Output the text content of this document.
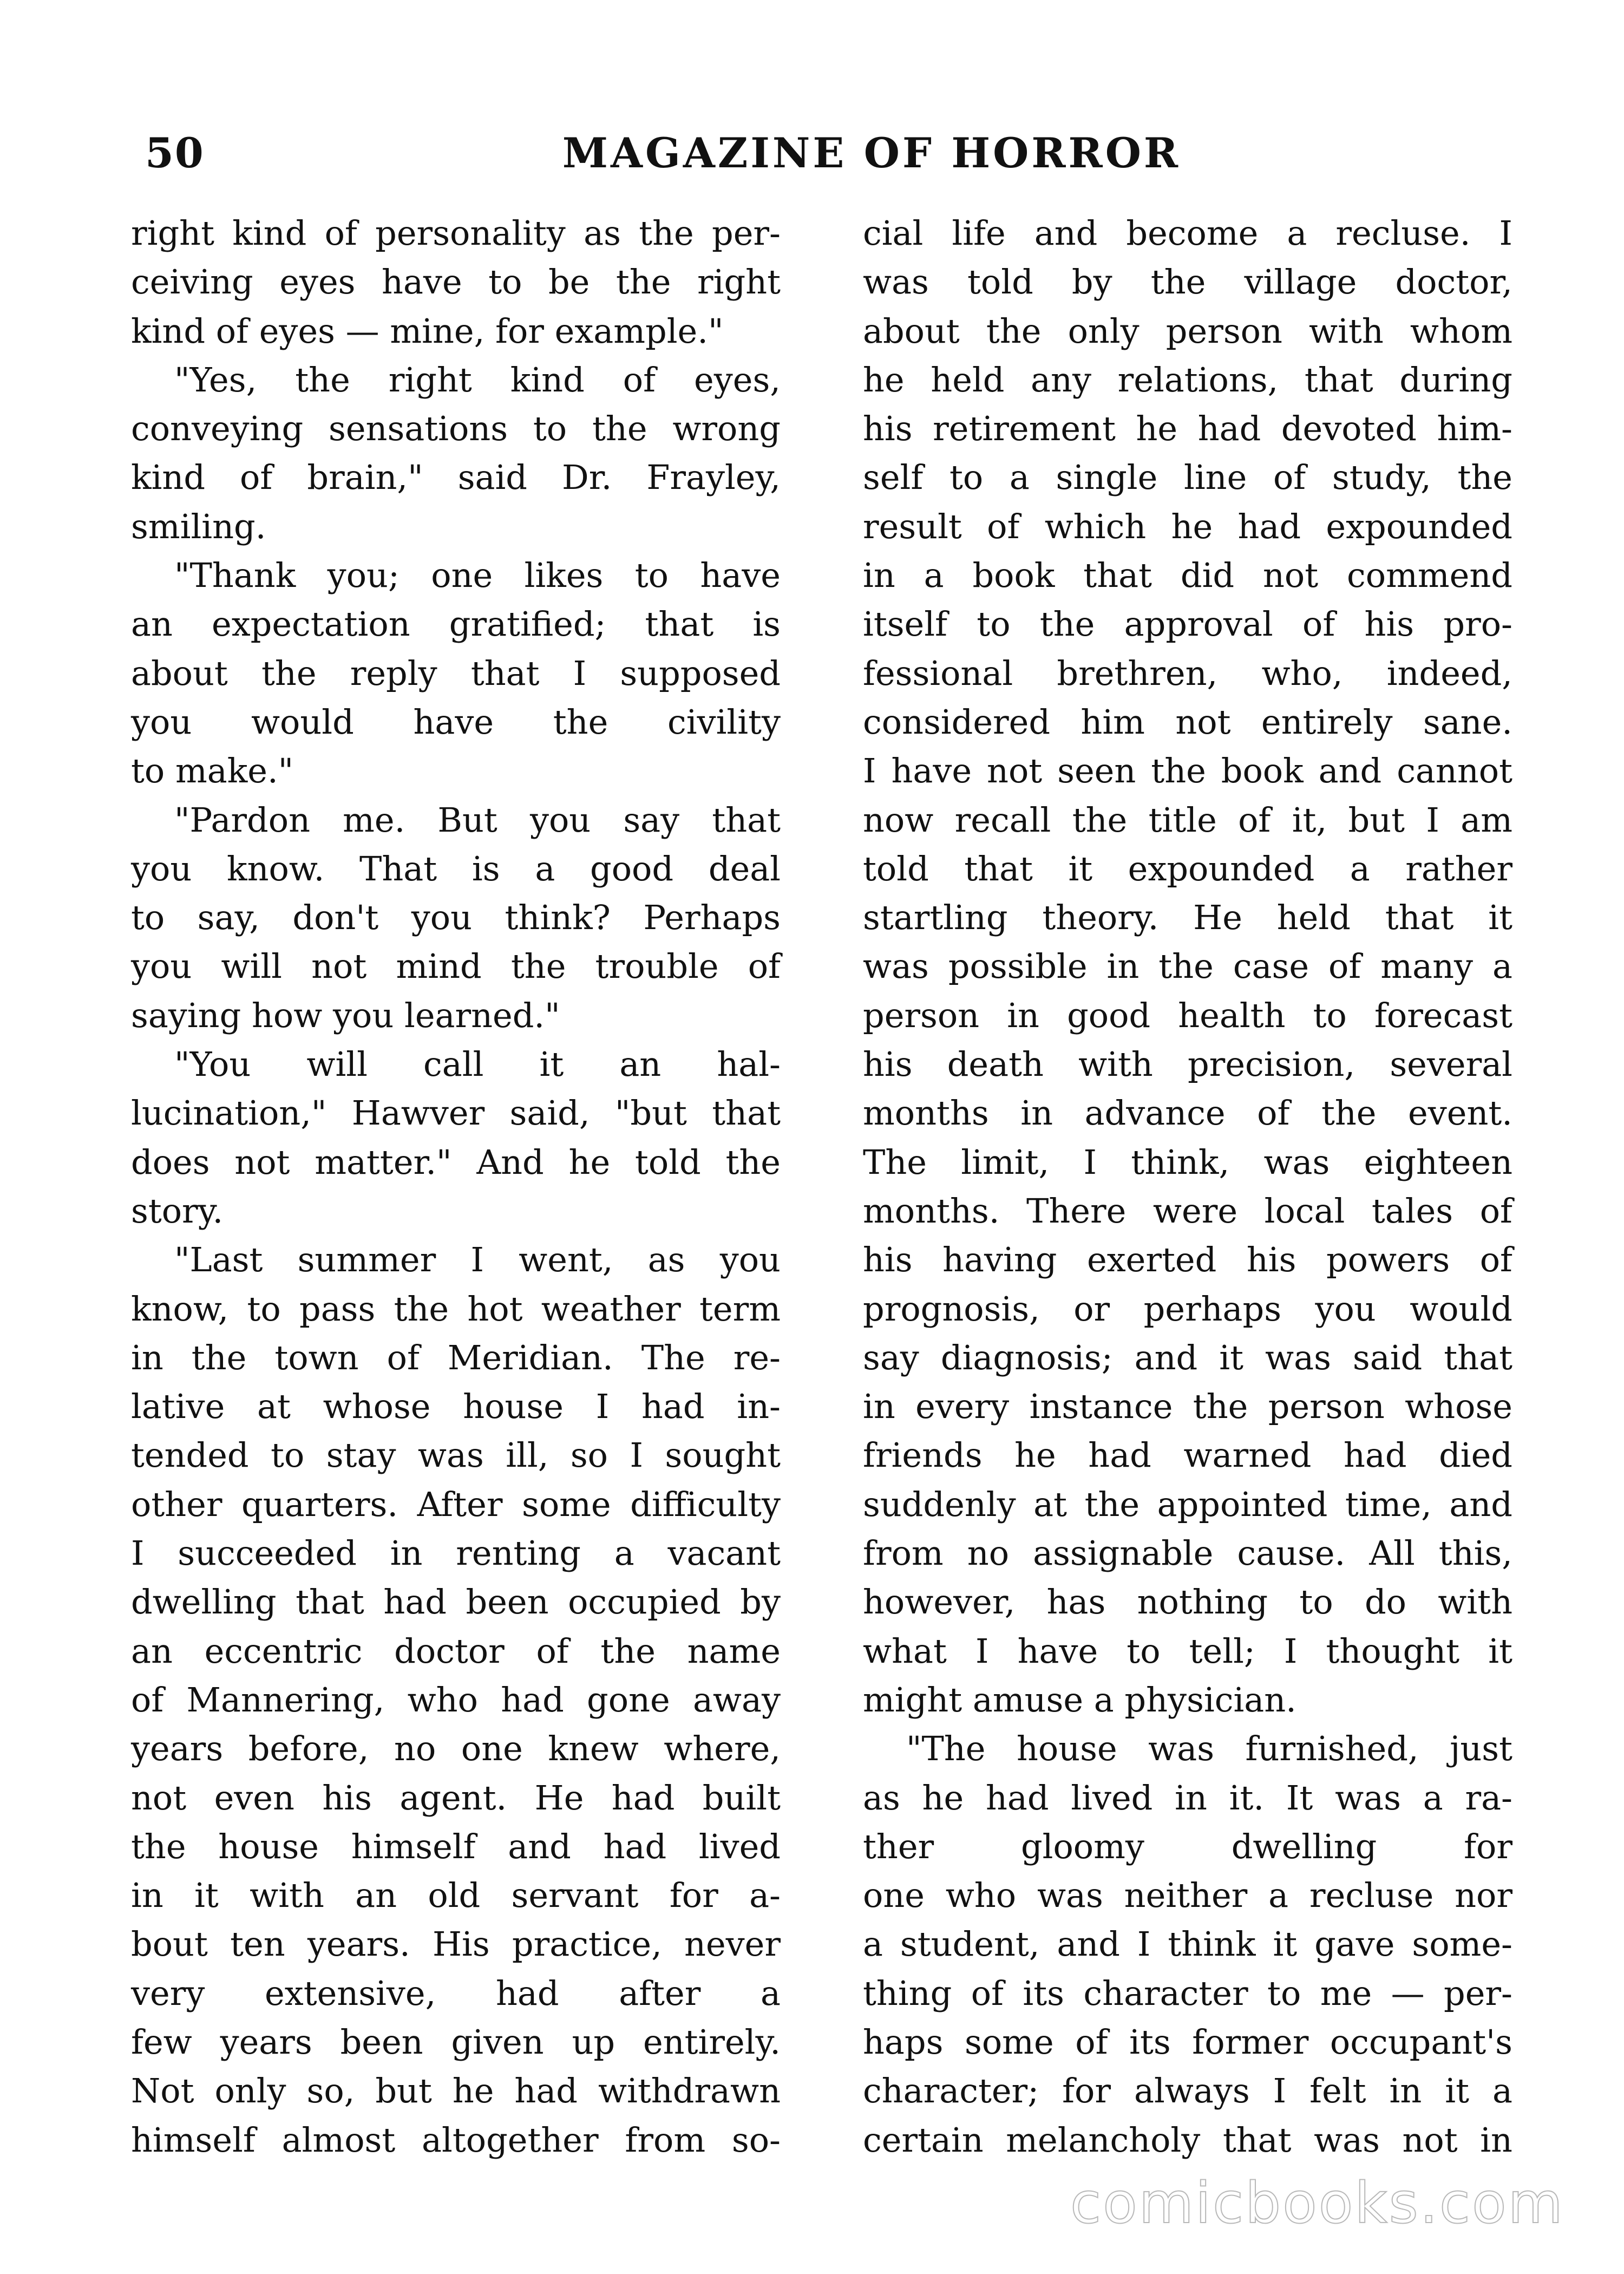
50	MAGAZINE OF HORROR
right kind of personality as the per-
ceiving eyes have to be the right
kind of eyes — mine, for example."
"Yes, the right kind of eyes,
conveying sensations to the wrong
kind of brain," said Dr. Frayley,
smiling.
"Thank you; one likes to have
an expectation gratified; that is
about the reply that I supposed
you would have the civility
to make."
"Pardon me. But you say that
you know. That is a good deal
to say, don't you think? Perhaps
you will not mind the trouble of
saying how you learned."
"You will call it an hal-
lucination," Hawver said, "but that
does not matter." And he told the
story.
"Last summer I went, as you
know, to pass the hot weather term
in the town of Meridian. The re-
lative at whose house I had in-
tended to stay was ill, so I sought
other quarters. After some difficulty
I succeeded in renting a vacant
dwelling that had been occupied by
an eccentric doctor of the name
of Mannering, who had gone away
years before, no one knew where,
not even his agent. He had built
the house himself and had lived
in it with an old servant for a-
bout ten years. His practice, never
very extensive, had after a
few years been given up entirely.
Not only so, but he had withdrawn
himself almost altogether from so-
cial life and become a recluse. I
was told by the village doctor,
about the only person with whom
he held any relations, that during
his retirement he had devoted him-
self to a single line of study, the
result of which he had expounded
in a book that did not commend
itself to the approval of his pro-
fessional brethren, who, indeed,
considered him not entirely sane.
I have not seen the book and cannot
now recall the title of it, but I am
told that it expounded a rather
startling theory. He held that it
was possible in the case of many a
person in good health to forecast
his death with precision, several
months in advance of the event.
The limit, I think, was eighteen
months. There were local tales of
his having exerted his powers of
prognosis, or perhaps you would
say diagnosis; and it was said that
in every instance the person whose
friends he had warned had died
suddenly at the appointed time, and
from no assignable cause. All this,
however, has nothing to do with
what I have to tell; I thought it
might amuse a physician.
"The house was furnished, just
as he had lived in it. It was a ra-
ther gloomy dwelling for
one who was neither a recluse nor
a student, and I think it gave some-
thing of its character to me — per-
haps some of its former occupant's
character; for always I felt in it a
certain melancholy that was not in
comicbooks.com
